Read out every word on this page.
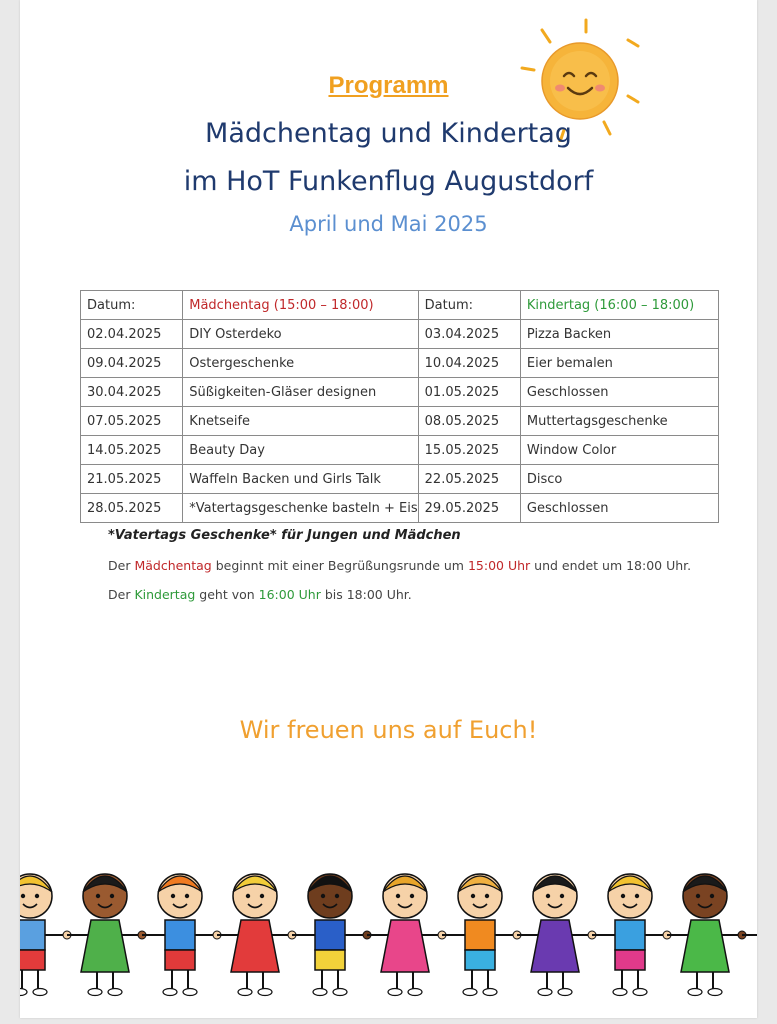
Programm
Mädchentag und Kindertag
im HoT Funkenflug Augustdorf
April und Mai 2025
Datum:	Mädchentag (15:00 – 18:00)	Datum:	Kindertag (16:00 – 18:00)
02.04.2025	DIY Osterdeko	03.04.2025	Pizza Backen
09.04.2025	Ostergeschenke	10.04.2025	Eier bemalen
30.04.2025	Süßigkeiten-Gläser designen	01.05.2025	Geschlossen
07.05.2025	Knetseife	08.05.2025	Muttertagsgeschenke
14.05.2025	Beauty Day	15.05.2025	Window Color
21.05.2025	Waffeln Backen und Girls Talk	22.05.2025	Disco
28.05.2025	*Vatertagsgeschenke basteln + Eis	29.05.2025	Geschlossen
*Vatertags Geschenke* für Jungen und Mädchen
Der Mädchentag beginnt mit einer Begrüßungsrunde um 15:00 Uhr und endet um 18:00 Uhr.
Der Kindertag geht von 16:00 Uhr bis 18:00 Uhr.
Wir freuen uns auf Euch!
